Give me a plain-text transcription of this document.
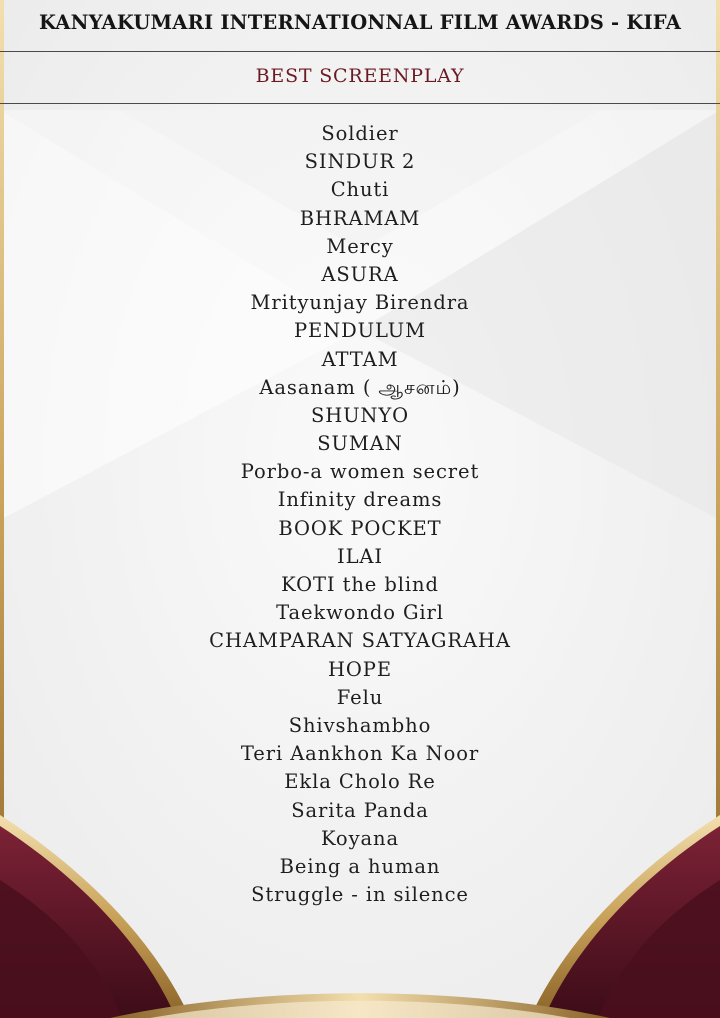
KANYAKUMARI INTERNATIONNAL FILM AWARDS - KIFA
BEST SCREENPLAY
Soldier
SINDUR 2
Chuti
BHRAMAM
Mercy
ASURA
Mrityunjay Birendra
PENDULUM
ATTAM
Aasanam ( ஆசனம்)
SHUNYO
SUMAN
Porbo-a women secret
Infinity dreams
BOOK POCKET
ILAI
KOTI the blind
Taekwondo Girl
CHAMPARAN SATYAGRAHA
HOPE
Felu
Shivshambho
Teri Aankhon Ka Noor
Ekla Cholo Re
Sarita Panda
Koyana
Being a human
Struggle - in silence
